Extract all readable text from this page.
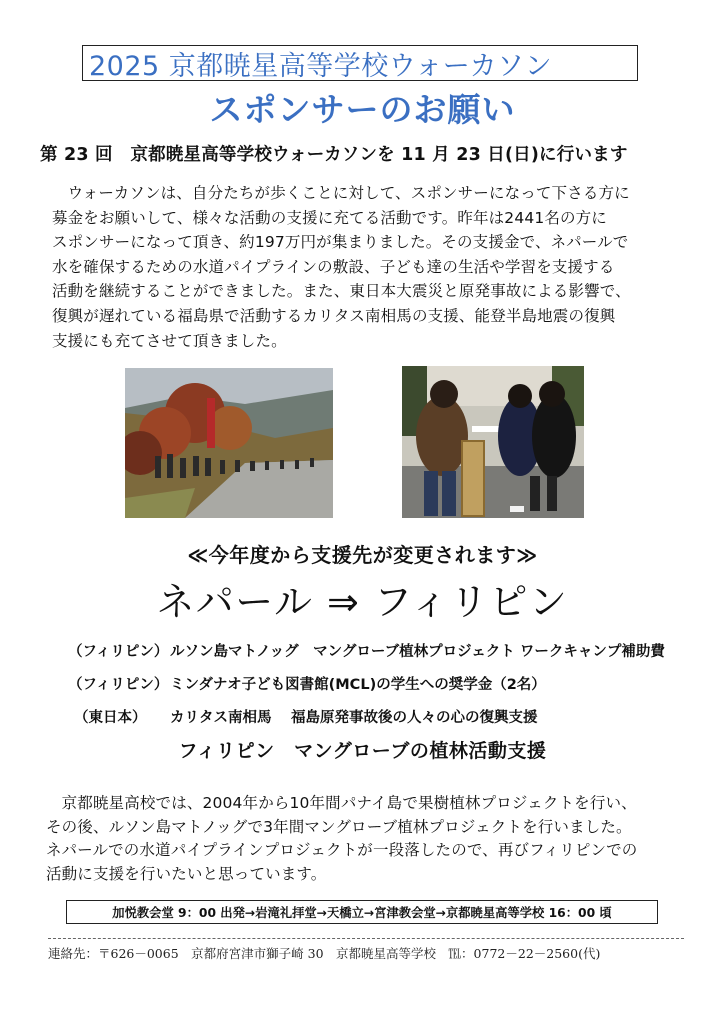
2025 京都暁星高等学校ウォーカソン
スポンサーのお願い
第 23 回　京都暁星高等学校ウォーカソンを 11 月 23 日(日)に行います
　ウォーカソンは、自分たちが歩くことに対して、スポンサーになって下さる方に
募金をお願いして、様々な活動の支援に充てる活動です。昨年は2441名の方に
スポンサーになって頂き、約197万円が集まりました。その支援金で、ネパールで
水を確保するための水道パイプラインの敷設、子ども達の生活や学習を支援する
活動を継続することができました。また、東日本大震災と原発事故による影響で、
復興が遅れている福島県で活動するカリタス南相馬の支援、能登半島地震の復興
支援にも充てさせて頂きました。
≪今年度から支援先が変更されます≫
ネパール ⇒ フィリピン
（フィリピン） ルソン島マトノッグ　マングローブ植林プロジェクト ワークキャンプ補助費
（フィリピン） ミンダナオ子ども図書館(MCL)の学生への奨学金（2名）
（東日本） カリタス南相馬　 福島原発事故後の人々の心の復興支援
フィリピン　マングローブの植林活動支援
　京都暁星高校では、2004年から10年間パナイ島で果樹植林プロジェクトを行い、
その後、ルソン島マトノッグで3年間マングローブ植林プロジェクトを行いました。
ネパールでの水道パイプラインプロジェクトが一段落したので、再びフィリピンでの
活動に支援を行いたいと思っています。
加悦教会堂 9：00 出発→岩滝礼拝堂→天橋立→宮津教会堂→京都暁星高等学校 16：00 頃
連絡先：〒626－0065　京都府宮津市獅子崎 30　京都暁星高等学校　℡：0772－22－2560(代)
